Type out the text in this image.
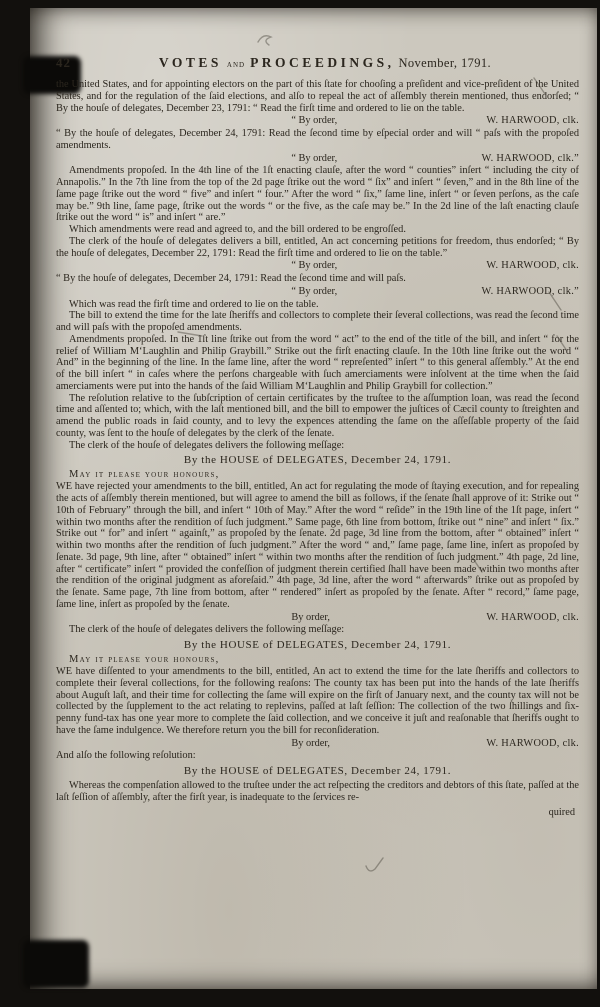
42	VOTES and PROCEEDINGS, November, 1791.

the United States, and for appointing electors on the part of this ſtate for chooſing a preſident and vice-preſident of the United States, and for the regulation of the ſaid elections, and alſo to repeal the act of aſſembly therein mentioned, thus endorſed; “ By the houſe of delegates, December 23, 1791: “ Read the firſt time and ordered to lie on the table.

“ By order,	W. HARWOOD, clk.

“ By the houſe of delegates, December 24, 1791: Read the ſecond time by eſpecial order and will “ paſs with the propoſed amendments.

“ By order,	W. HARWOOD, clk.”

Amendments propoſed. In the 4th line of the 1ſt enacting clauſe, after the word “ counties” inſert “ including the city of Annapolis.” In the 7th line from the top of the 2d page ſtrike out the word “ ſix” and inſert “ ſeven,” and in the 8th line of the ſame page ſtrike out the word “ five” and inſert “ four.” After the word “ ſix,” ſame line, inſert “ or ſeven perſons, as the caſe may be.” 9th line, ſame page, ſtrike out the words “ or the five, as the caſe may be.” In the 2d line of the laſt enacting clauſe ſtrike out the word “ is” and inſert “ are.”

Which amendments were read and agreed to, and the bill ordered to be engroſſed.

The clerk of the houſe of delegates delivers a bill, entitled, An act concerning petitions for freedom, thus endorſed; “ By the houſe of delegates, December 22, 1791: Read the firſt time and ordered to lie on the table.”

“ By order,	W. HARWOOD, clk.

“ By the houſe of delegates, December 24, 1791: Read the ſecond time and will paſs.

“ By order,	W. HARWOOD, clk.”

Which was read the firſt time and ordered to lie on the table.

The bill to extend the time for the late ſheriffs and collectors to complete their ſeveral collections, was read the ſecond time and will paſs with the propoſed amendments.

Amendments propoſed. In the 1ſt line ſtrike out from the word “ act” to the end of the title of the bill, and inſert “ for the relief of William M‘Laughlin and Philip Graybill.” Strike out the firſt enacting clauſe. In the 10th line ſtrike out the word “ And” in the beginning of the line. In the ſame line, after the word “ repreſented” inſert “ to this general aſſembly.” At the end of the bill inſert “ in caſes where the perſons chargeable with ſuch amerciaments were inſolvent at the time when the ſaid amerciaments were put into the hands of the ſaid William M‘Laughlin and Philip Graybill for collection.”

The reſolution relative to the ſubſcription of certain certificates by the truſtee to the aſſumption loan, was read the ſecond time and aſſented to; which, with the laſt mentioned bill, and the bill to empower the juſtices of Cæcil county to ſtreighten and amend the public roads in ſaid county, and to levy the expences attending the ſame on the aſſeſſable property of the ſaid county, was ſent to the houſe of delegates by the clerk of the ſenate.

The clerk of the houſe of delegates delivers the following meſſage:

By the HOUSE of DELEGATES, December 24, 1791.

May it please your honours,

WE have rejected your amendments to the bill, entitled, An act for regulating the mode of ſtaying execution, and for repealing the acts of aſſembly therein mentioned, but will agree to amend the bill as follows, if the ſenate ſhall approve of it: Strike out “ 10th of February” through the bill, and inſert “ 10th of May.” After the word “ reſide” in the 19th line of the 1ſt page, inſert “ within two months after the rendition of ſuch judgment.” Same page, 6th line from bottom, ſtrike out “ nine” and inſert “ ſix.” Strike out “ for” and inſert “ againſt,” as propoſed by the ſenate. 2d page, 3d line from the bottom, after “ obtained” inſert “ within two months after the rendition of ſuch judgment.” After the word “ and,” ſame page, ſame line, inſert as propoſed by ſenate. 3d page, 9th line, after “ obtained” inſert “ within two months after the rendition of ſuch judgment.” 4th page, 2d line, after “ certificate” inſert “ provided the confeſſion of judgment therein certified ſhall have been made within two months after the rendition of the original judgment as aforeſaid.” 4th page, 3d line, after the word “ afterwards” ſtrike out as propoſed by the ſenate. Same page, 7th line from bottom, after “ rendered” inſert as propoſed by the ſenate. After “ record,” ſame page, ſame line, inſert as propoſed by the ſenate.

By order,	W. HARWOOD, clk.

The clerk of the houſe of delegates delivers the following meſſage:

By the HOUSE of DELEGATES, December 24, 1791.

May it please your honours,

WE have diſſented to your amendments to the bill, entitled, An act to extend the time for the late ſheriffs and collectors to complete their ſeveral collections, for the following reaſons: The county tax has been put into the hands of the late ſheriffs about Auguſt laſt, and their time for collecting the ſame will expire on the firſt of January next, and the county tax will not be collected by the ſupplement to the act relating to replevins, paſſed at laſt ſeſſion: The collection of the two ſhillings and ſix-penny fund-tax has one year more to complete the ſaid collection, and we conceive it juſt and reaſonable that ſheriffs ought to have the ſame indulgence. We therefore return you the bill for reconſideration.

By order,	W. HARWOOD, clk.

And alſo the following reſolution:

By the HOUSE of DELEGATES, December 24, 1791.

Whereas the compenſation allowed to the truſtee under the act reſpecting the creditors and debtors of this ſtate, paſſed at the laſt ſeſſion of aſſembly, after the firſt year, is inadequate to the ſervices re-

quired
